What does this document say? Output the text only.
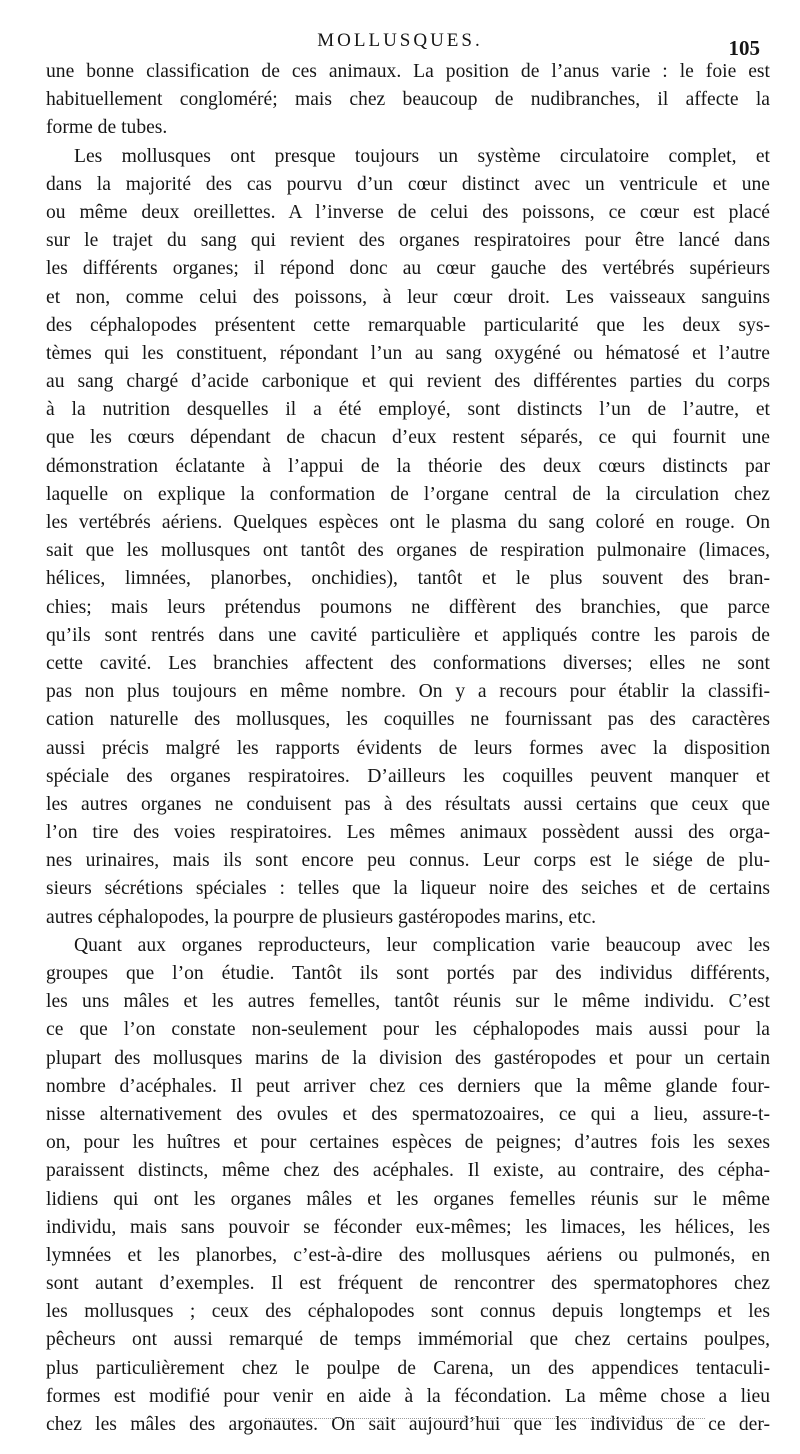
MOLLUSQUES.	105
une bonne classification de ces animaux. La position de l’anus varie : le foie est
habituellement congloméré; mais chez beaucoup de nudibranches, il affecte la
forme de tubes.
Les mollusques ont presque toujours un système circulatoire complet, et
dans la majorité des cas pourvu d’un cœur distinct avec un ventricule et une
ou même deux oreillettes. A l’inverse de celui des poissons, ce cœur est placé
sur le trajet du sang qui revient des organes respiratoires pour être lancé dans
les différents organes; il répond donc au cœur gauche des vertébrés supérieurs
et non, comme celui des poissons, à leur cœur droit. Les vaisseaux sanguins
des céphalopodes présentent cette remarquable particularité que les deux sys-
tèmes qui les constituent, répondant l’un au sang oxygéné ou hématosé et l’autre
au sang chargé d’acide carbonique et qui revient des différentes parties du corps
à la nutrition desquelles il a été employé, sont distincts l’un de l’autre, et
que les cœurs dépendant de chacun d’eux restent séparés, ce qui fournit une
démonstration éclatante à l’appui de la théorie des deux cœurs distincts par
laquelle on explique la conformation de l’organe central de la circulation chez
les vertébrés aériens. Quelques espèces ont le plasma du sang coloré en rouge. On
sait que les mollusques ont tantôt des organes de respiration pulmonaire (limaces,
hélices, limnées, planorbes, onchidies), tantôt et le plus souvent des bran-
chies; mais leurs prétendus poumons ne diffèrent des branchies, que parce
qu’ils sont rentrés dans une cavité particulière et appliqués contre les parois de
cette cavité. Les branchies affectent des conformations diverses; elles ne sont
pas non plus toujours en même nombre. On y a recours pour établir la classifi-
cation naturelle des mollusques, les coquilles ne fournissant pas des caractères
aussi précis malgré les rapports évidents de leurs formes avec la disposition
spéciale des organes respiratoires. D’ailleurs les coquilles peuvent manquer et
les autres organes ne conduisent pas à des résultats aussi certains que ceux que
l’on tire des voies respiratoires. Les mêmes animaux possèdent aussi des orga-
nes urinaires, mais ils sont encore peu connus. Leur corps est le siége de plu-
sieurs sécrétions spéciales : telles que la liqueur noire des seiches et de certains
autres céphalopodes, la pourpre de plusieurs gastéropodes marins, etc.
Quant aux organes reproducteurs, leur complication varie beaucoup avec les
groupes que l’on étudie. Tantôt ils sont portés par des individus différents,
les uns mâles et les autres femelles, tantôt réunis sur le même individu. C’est
ce que l’on constate non-seulement pour les céphalopodes mais aussi pour la
plupart des mollusques marins de la division des gastéropodes et pour un certain
nombre d’acéphales. Il peut arriver chez ces derniers que la même glande four-
nisse alternativement des ovules et des spermatozoaires, ce qui a lieu, assure-t-
on, pour les huîtres et pour certaines espèces de peignes; d’autres fois les sexes
paraissent distincts, même chez des acéphales. Il existe, au contraire, des cépha-
lidiens qui ont les organes mâles et les organes femelles réunis sur le même
individu, mais sans pouvoir se féconder eux-mêmes; les limaces, les hélices, les
lymnées et les planorbes, c’est-à-dire des mollusques aériens ou pulmonés, en
sont autant d’exemples. Il est fréquent de rencontrer des spermatophores chez
les mollusques ; ceux des céphalopodes sont connus depuis longtemps et les
pêcheurs ont aussi remarqué de temps immémorial que chez certains poulpes,
plus particulièrement chez le poulpe de Carena, un des appendices tentaculi-
formes est modifié pour venir en aide à la fécondation. La même chose a lieu
chez les mâles des argonautes. On sait aujourd’hui que les individus de ce der-
